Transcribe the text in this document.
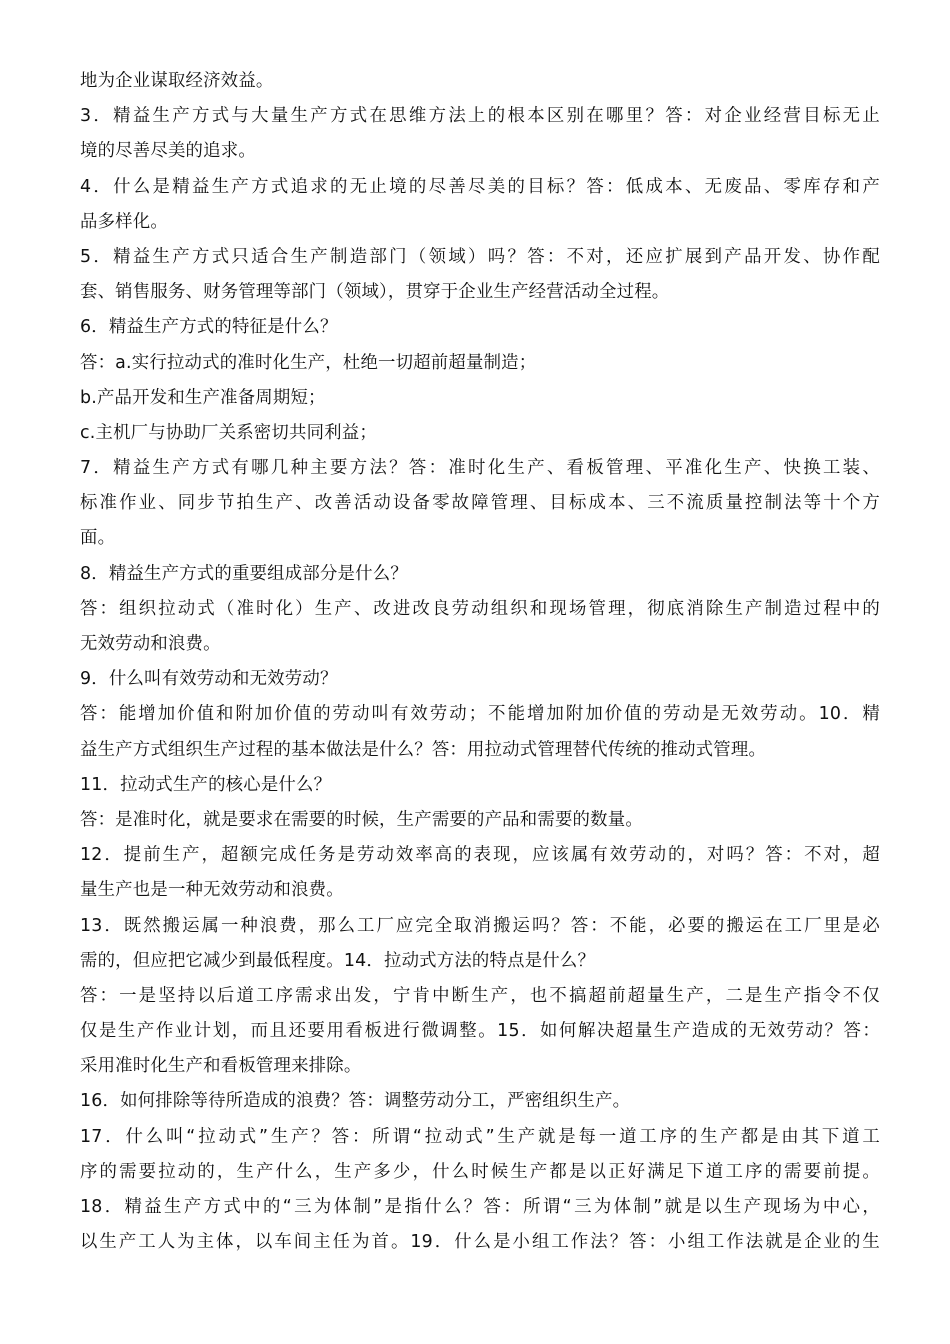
地为企业谋取经济效益。
3．精益生产方式与大量生产方式在思维方法上的根本区别在哪里？答：对企业经营目标无止
境的尽善尽美的追求。
4．什么是精益生产方式追求的无止境的尽善尽美的目标？答：低成本、无废品、零库存和产
品多样化。
5．精益生产方式只适合生产制造部门（领域）吗？答：不对，还应扩展到产品开发、协作配
套、销售服务、财务管理等部门（领域），贯穿于企业生产经营活动全过程。
6．精益生产方式的特征是什么？
答：a.实行拉动式的准时化生产，杜绝一切超前超量制造；
b.产品开发和生产准备周期短；
c.主机厂与协助厂关系密切共同利益；
7．精益生产方式有哪几种主要方法？答：准时化生产、看板管理、平准化生产、快换工装、
标准作业、同步节拍生产、改善活动设备零故障管理、目标成本、三不流质量控制法等十个方
面。
8．精益生产方式的重要组成部分是什么？
答：组织拉动式（准时化）生产、改进改良劳动组织和现场管理，彻底消除生产制造过程中的
无效劳动和浪费。
9．什么叫有效劳动和无效劳动？
答：能增加价值和附加价值的劳动叫有效劳动；不能增加附加价值的劳动是无效劳动。10．精
益生产方式组织生产过程的基本做法是什么？答：用拉动式管理替代传统的推动式管理。
11．拉动式生产的核心是什么？
答：是准时化，就是要求在需要的时候，生产需要的产品和需要的数量。
12．提前生产，超额完成任务是劳动效率高的表现，应该属有效劳动的，对吗？答：不对，超
量生产也是一种无效劳动和浪费。
13．既然搬运属一种浪费，那么工厂应完全取消搬运吗？答：不能，必要的搬运在工厂里是必
需的，但应把它减少到最低程度。14．拉动式方法的特点是什么？
答：一是坚持以后道工序需求出发，宁肯中断生产，也不搞超前超量生产，二是生产指令不仅
仅是生产作业计划，而且还要用看板进行微调整。15．如何解决超量生产造成的无效劳动？答：
采用准时化生产和看板管理来排除。
16．如何排除等待所造成的浪费？答：调整劳动分工，严密组织生产。
17．什么叫“拉动式”生产？答：所谓“拉动式”生产就是每一道工序的生产都是由其下道工
序的需要拉动的，生产什么，生产多少，什么时候生产都是以正好满足下道工序的需要前提。
18．精益生产方式中的“三为体制”是指什么？答：所谓“三为体制”就是以生产现场为中心，
以生产工人为主体，以车间主任为首。19．什么是小组工作法？答：小组工作法就是企业的生
